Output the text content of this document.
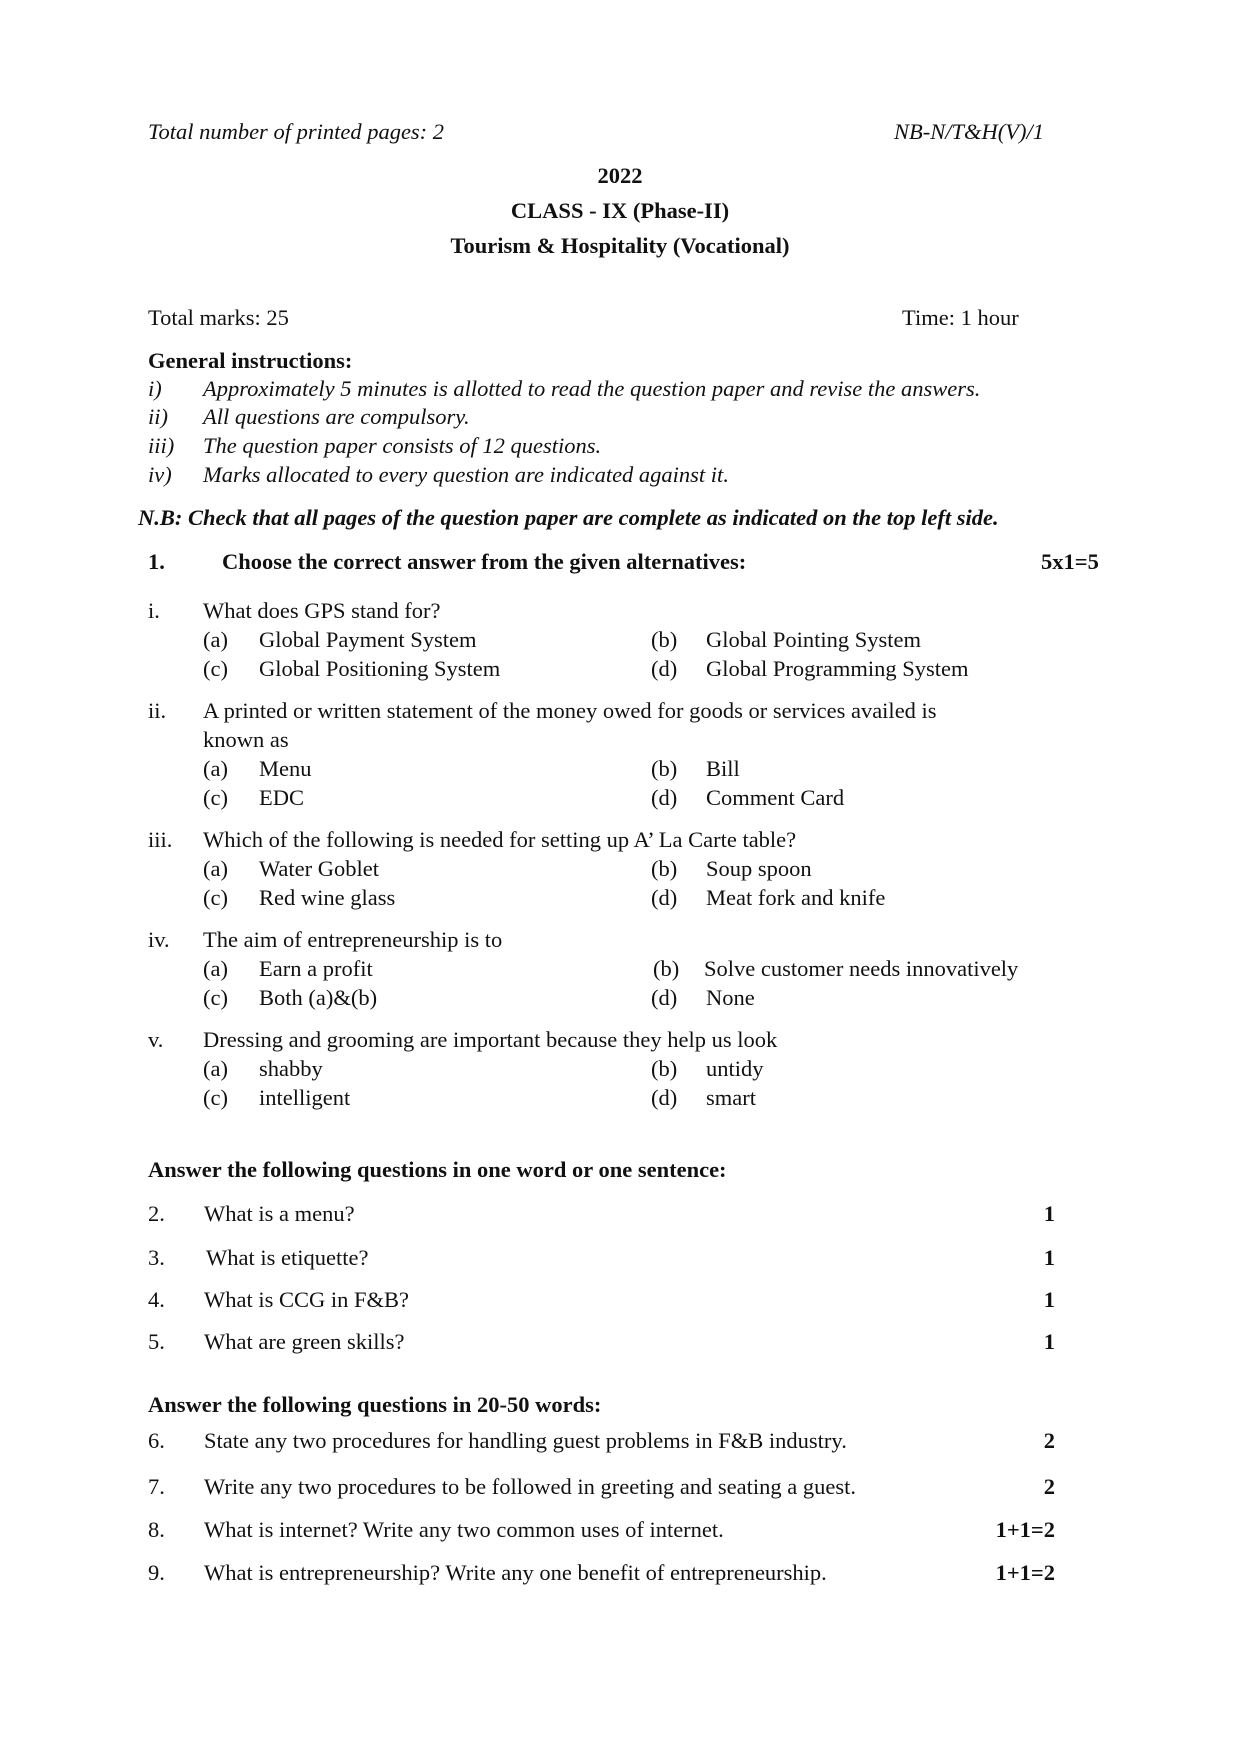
Total number of printed pages: 2	NB-N/T&H(V)/1
2022
CLASS - IX (Phase-II)
Tourism & Hospitality (Vocational)
Total marks: 25	Time: 1 hour
General instructions:
i) Approximately 5 minutes is allotted to read the question paper and revise the answers.
ii) All questions are compulsory.
iii) The question paper consists of 12 questions.
iv) Marks allocated to every question are indicated against it.
N.B: Check that all pages of the question paper are complete as indicated on the top left side.
1.	Choose the correct answer from the given alternatives:	5x1=5
i. What does GPS stand for?
(a) Global Payment System	(b) Global Pointing System
(c) Global Positioning System	(d) Global Programming System
ii. A printed or written statement of the money owed for goods or services availed is
known as
(a) Menu	(b) Bill
(c) EDC	(d) Comment Card
iii. Which of the following is needed for setting up A’ La Carte table?
(a) Water Goblet	(b) Soup spoon
(c) Red wine glass	(d) Meat fork and knife
iv. The aim of entrepreneurship is to
(a) Earn a profit	(b) Solve customer needs innovatively
(c) Both (a)&(b)	(d) None
v. Dressing and grooming are important because they help us look
(a) shabby	(b) untidy
(c) intelligent	(d) smart
Answer the following questions in one word or one sentence:
2. What is a menu?	1
3. What is etiquette?	1
4. What is CCG in F&B?	1
5. What are green skills?	1
Answer the following questions in 20-50 words:
6. State any two procedures for handling guest problems in F&B industry.	2
7. Write any two procedures to be followed in greeting and seating a guest.	2
8. What is internet? Write any two common uses of internet.	1+1=2
9. What is entrepreneurship? Write any one benefit of entrepreneurship.	1+1=2
